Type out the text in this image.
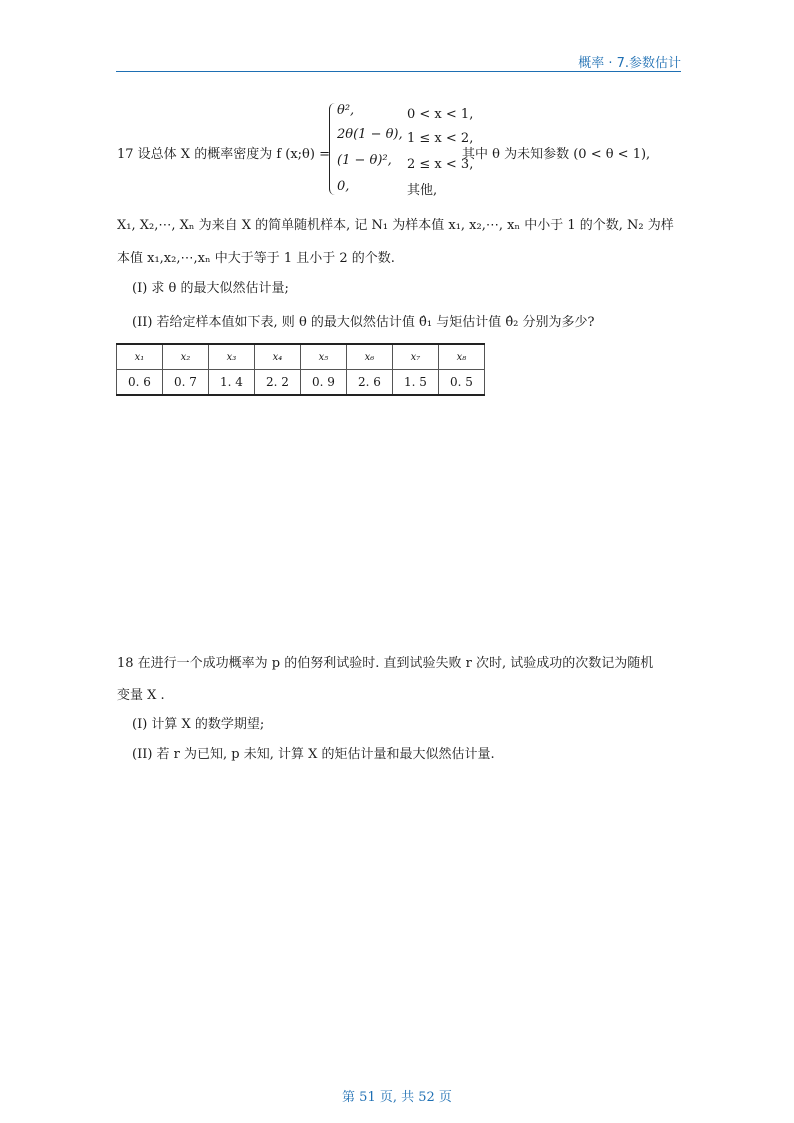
概率 · 7.参数估计
17 设总体 X 的概率密度为 f (x;θ) =
θ²,	0 < x < 1,
2θ(1 − θ), 1 ≤ x < 2,
(1 − θ)², 2 ≤ x < 3,
0,	其他,
其中 θ 为未知参数 (0 < θ < 1),
X₁, X₂,⋯, Xₙ 为来自 X 的简单随机样本, 记 N₁ 为样本值 x₁, x₂,⋯, xₙ 中小于 1 的个数, N₂ 为样
本值 x₁,x₂,⋯,xₙ 中大于等于 1 且小于 2 的个数.
(I) 求 θ 的最大似然估计量;
(II) 若给定样本值如下表, 则 θ 的最大似然估计值 θ̂₁ 与矩估计值 θ̂₂ 分别为多少?
x₁	x₂	x₃	x₄	x₅	x₆	x₇	x₈
0. 6	0. 7	1. 4	2. 2	0. 9	2. 6	1. 5	0. 5
18 在进行一个成功概率为 p 的伯努利试验时. 直到试验失败 r 次时, 试验成功的次数记为随机
变量 X .
(I) 计算 X 的数学期望;
(II) 若 r 为已知, p 未知, 计算 X 的矩估计量和最大似然估计量.
第 51 页, 共 52 页
